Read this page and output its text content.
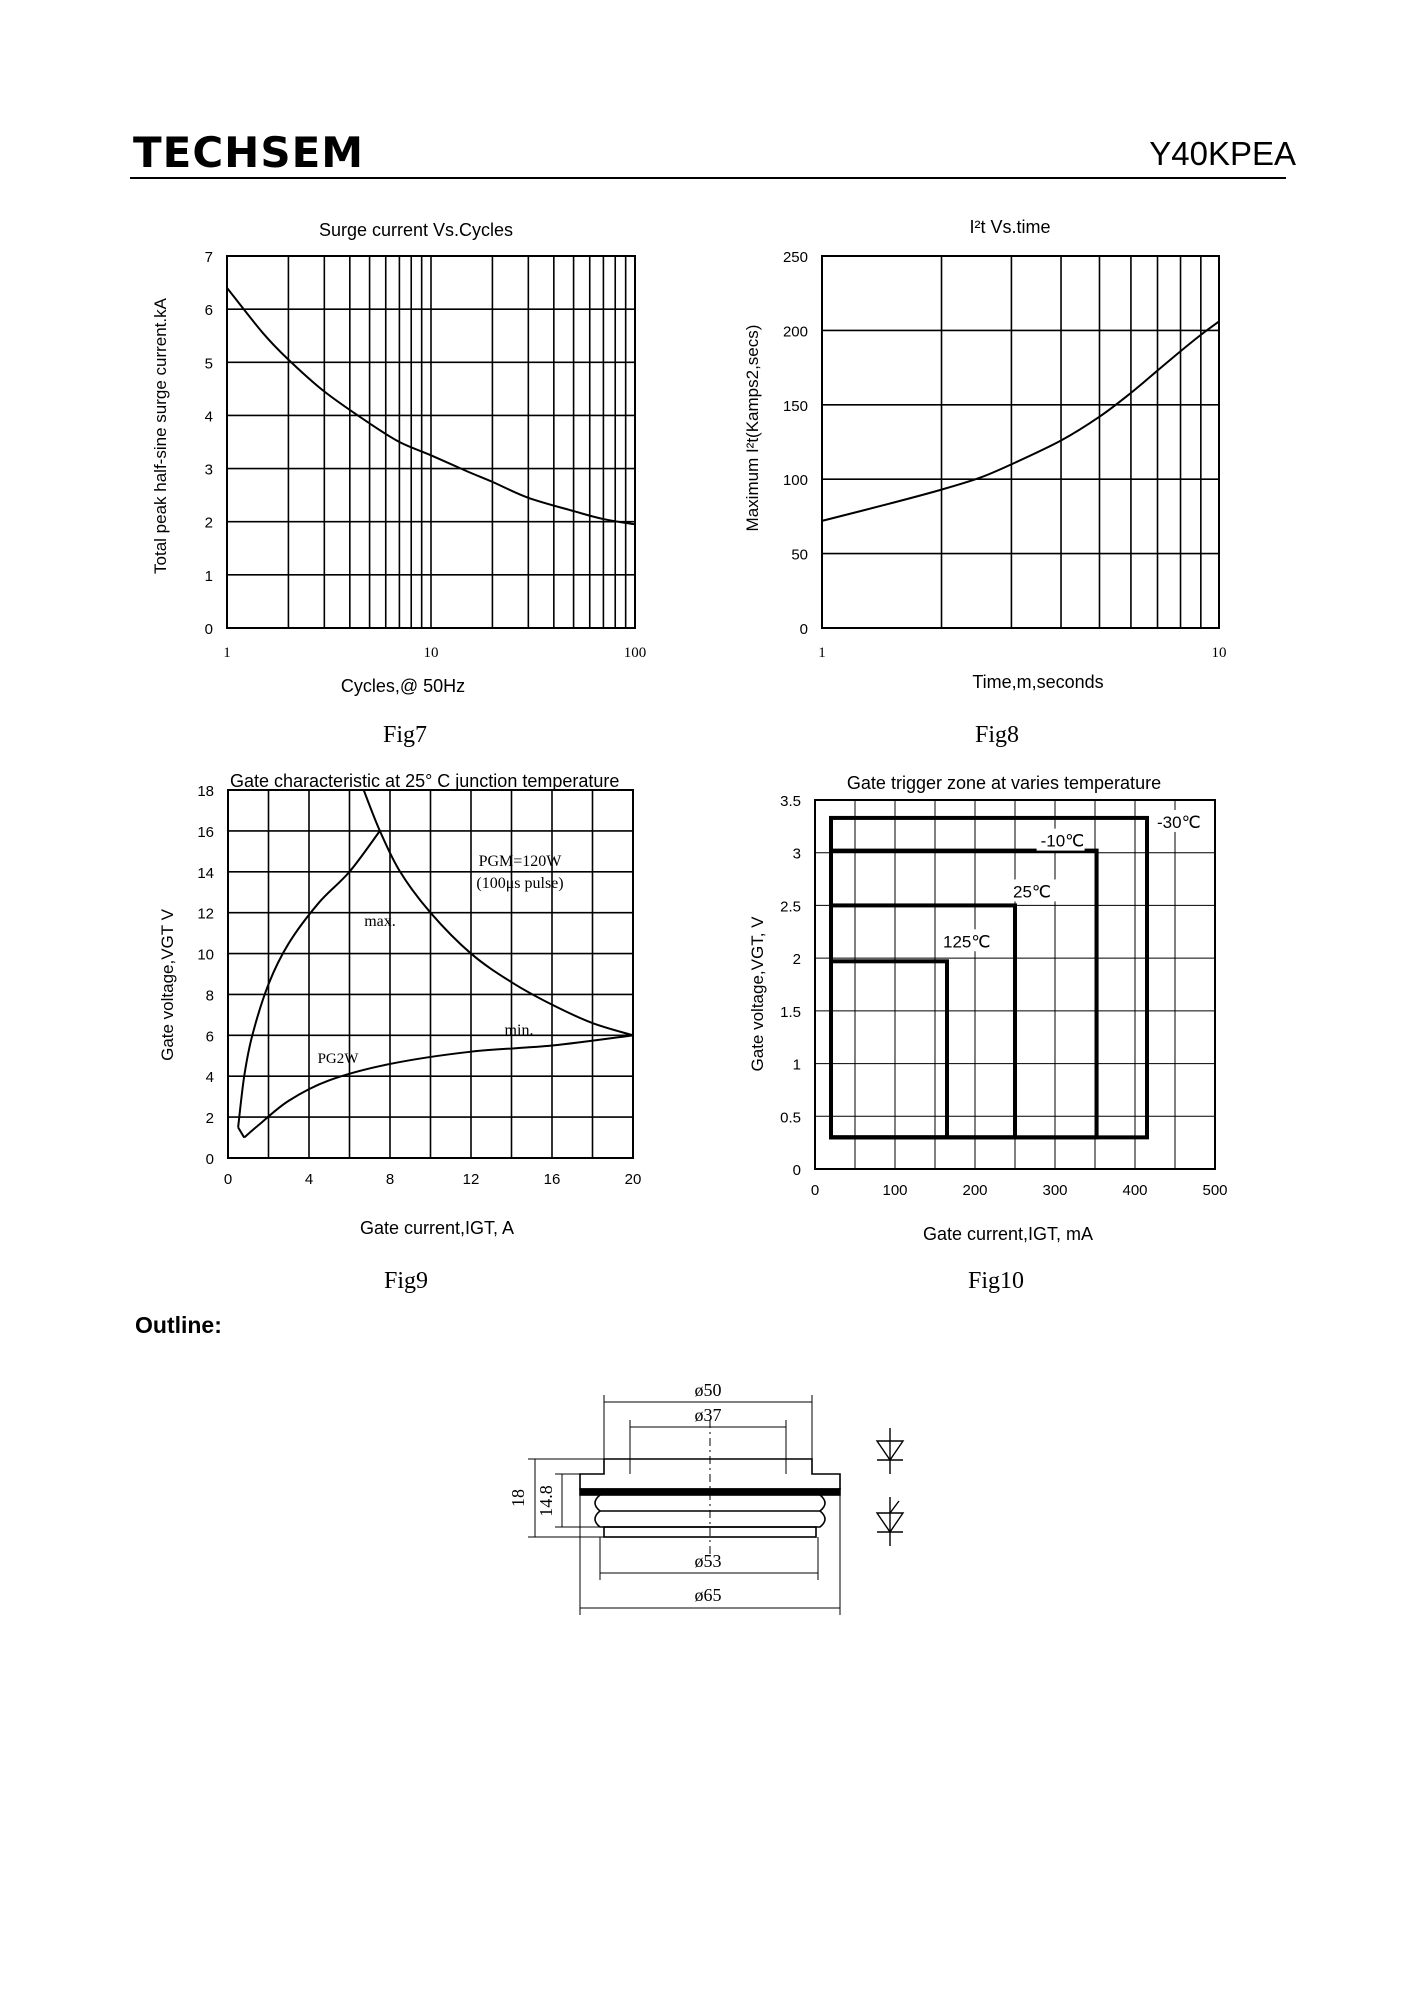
TECHSEM	Y40KPEA
0
1
2
3
4
5
6
7
1	10	100
Surge current Vs.Cycles
Cycles,@ 50Hz
Total peak half-sine surge current.kA
Fig7
0
50
100
150
200
250
1	10
I²t Vs.time
Time,m,seconds
Maximum I²t(Kamps2,secs)
Fig8
0
2
4
6
8
10
12
14
16
18
0	4	8	12	16	20
Gate characteristic at 25° C junction temperature
Gate current,IGT, A
Gate voltage,VGT V
PGM=120W
(100μs pulse)
max.
min.
PG2W
Fig9
0
0.5
1
1.5
2
2.5
3
3.5
0	100	200	300	400	500
-30℃
-10℃
25℃
125℃
Gate trigger zone at varies temperature
Gate current,IGT, mA
Gate voltage,VGT, V
Fig10
ø50
ø37
ø53
ø65
18 14.8
Outline:
